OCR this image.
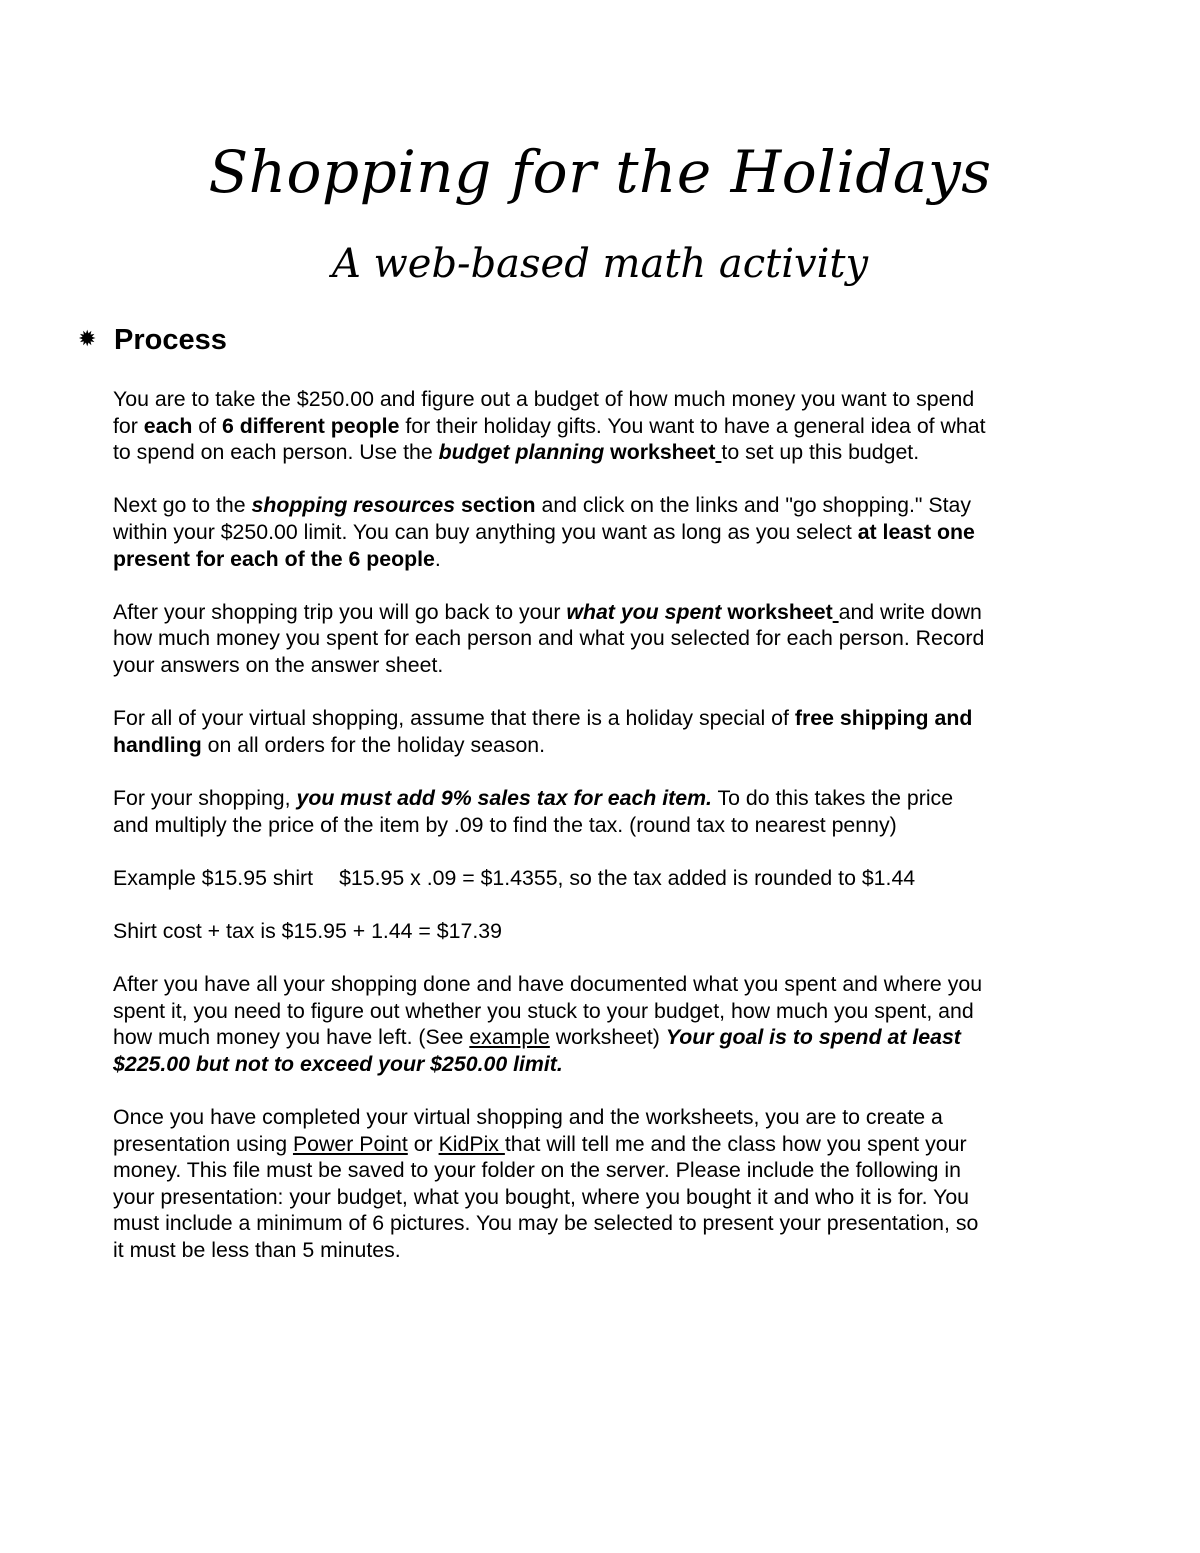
Shopping for the Holidays
A web-based math activity
✹ Process
You are to take the $250.00 and figure out a budget of how much money you want to spend
for each of 6 different people for their holiday gifts. You want to have a general idea of what
to spend on each person. Use the budget planning worksheet to set up this budget.
Next go to the shopping resources section and click on the links and "go shopping." Stay
within your $250.00 limit. You can buy anything you want as long as you select at least one
present for each of the 6 people.
After your shopping trip you will go back to your what you spent worksheet and write down
how much money you spent for each person and what you selected for each person. Record
your answers on the answer sheet.
For all of your virtual shopping, assume that there is a holiday special of free shipping and
handling on all orders for the holiday season.
For your shopping, you must add 9% sales tax for each item. To do this takes the price
and multiply the price of the item by .09 to find the tax. (round tax to nearest penny)
Example $15.95 shirt $15.95 x .09 = $1.4355, so the tax added is rounded to $1.44
Shirt cost + tax is $15.95 + 1.44 = $17.39
After you have all your shopping done and have documented what you spent and where you
spent it, you need to figure out whether you stuck to your budget, how much you spent, and
how much money you have left. (See example worksheet) Your goal is to spend at least
$225.00 but not to exceed your $250.00 limit.
Once you have completed your virtual shopping and the worksheets, you are to create a
presentation using Power Point or KidPix that will tell me and the class how you spent your
money. This file must be saved to your folder on the server. Please include the following in
your presentation: your budget, what you bought, where you bought it and who it is for. You
must include a minimum of 6 pictures. You may be selected to present your presentation, so
it must be less than 5 minutes.
